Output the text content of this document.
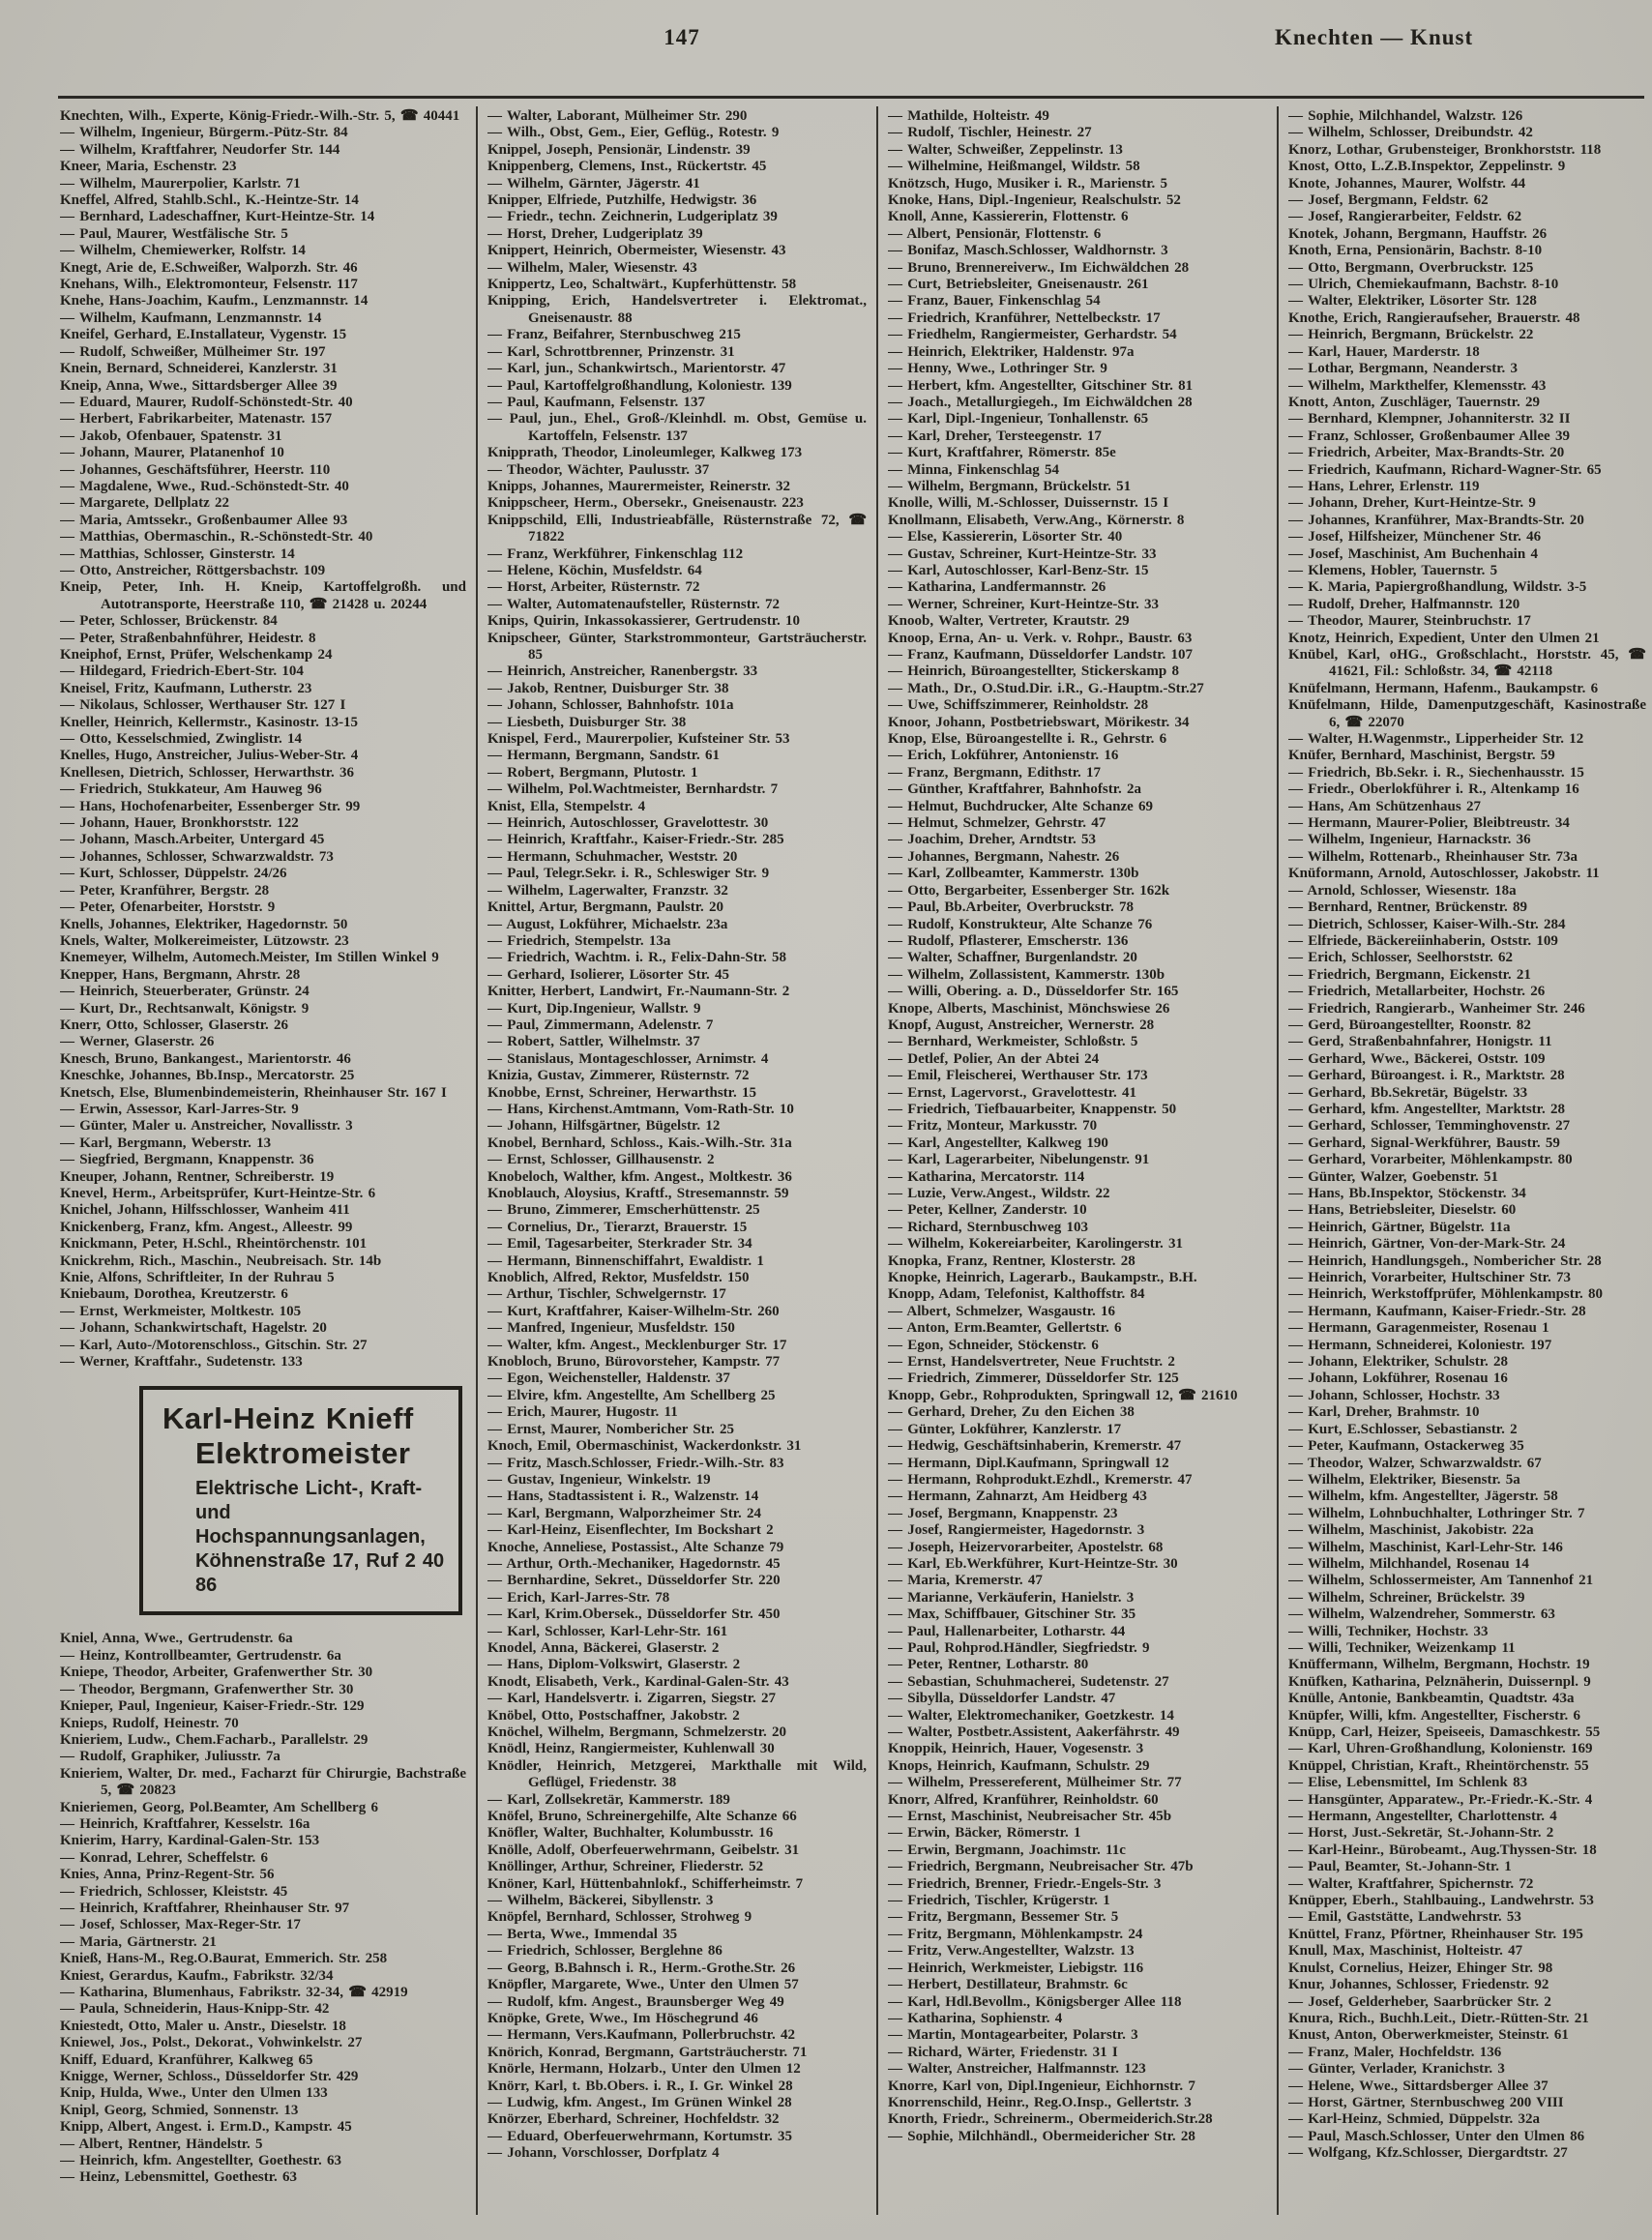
147	Knechten — Knust
Knechten, Wilh., Experte, König-Friedr.-Wilh.-Str. 5, ☎ 40441
— Wilhelm, Ingenieur, Bürgerm.-Pütz-Str. 84
— Wilhelm, Kraftfahrer, Neudorfer Str. 144
Kneer, Maria, Eschenstr. 23
— Wilhelm, Maurerpolier, Karlstr. 71
Kneffel, Alfred, Stahlb.Schl., K.-Heintze-Str. 14
— Bernhard, Ladeschaffner, Kurt-Heintze-Str. 14
— Paul, Maurer, Westfälische Str. 5
— Wilhelm, Chemiewerker, Rolfstr. 14
Knegt, Arie de, E.Schweißer, Walporzh. Str. 46
Knehans, Wilh., Elektromonteur, Felsenstr. 117
Knehe, Hans-Joachim, Kaufm., Lenzmannstr. 14
— Wilhelm, Kaufmann, Lenzmannstr. 14
Kneifel, Gerhard, E.Installateur, Vygenstr. 15
— Rudolf, Schweißer, Mülheimer Str. 197
Knein, Bernard, Schneiderei, Kanzlerstr. 31
Kneip, Anna, Wwe., Sittardsberger Allee 39
— Eduard, Maurer, Rudolf-Schönstedt-Str. 40
— Herbert, Fabrikarbeiter, Matenastr. 157
— Jakob, Ofenbauer, Spatenstr. 31
— Johann, Maurer, Platanenhof 10
— Johannes, Geschäftsführer, Heerstr. 110
— Magdalene, Wwe., Rud.-Schönstedt-Str. 40
— Margarete, Dellplatz 22
— Maria, Amtssekr., Großenbaumer Allee 93
— Matthias, Obermaschin., R.-Schönstedt-Str. 40
— Matthias, Schlosser, Ginsterstr. 14
— Otto, Anstreicher, Röttgersbachstr. 109
Kneip, Peter, Inh. H. Kneip, Kartoffelgroßh. und Autotransporte, Heerstraße 110, ☎ 21428 u. 20244
— Peter, Schlosser, Brückenstr. 84
— Peter, Straßenbahnführer, Heidestr. 8
Kneiphof, Ernst, Prüfer, Welschenkamp 24
— Hildegard, Friedrich-Ebert-Str. 104
Kneisel, Fritz, Kaufmann, Lutherstr. 23
— Nikolaus, Schlosser, Werthauser Str. 127 I
Kneller, Heinrich, Kellermstr., Kasinostr. 13-15
— Otto, Kesselschmied, Zwinglistr. 14
Knelles, Hugo, Anstreicher, Julius-Weber-Str. 4
Knellesen, Dietrich, Schlosser, Herwarthstr. 36
— Friedrich, Stukkateur, Am Hauweg 96
— Hans, Hochofenarbeiter, Essenberger Str. 99
— Johann, Hauer, Bronkhorststr. 122
— Johann, Masch.Arbeiter, Untergard 45
— Johannes, Schlosser, Schwarzwaldstr. 73
— Kurt, Schlosser, Düppelstr. 24/26
— Peter, Kranführer, Bergstr. 28
— Peter, Ofenarbeiter, Horststr. 9
Knells, Johannes, Elektriker, Hagedornstr. 50
Knels, Walter, Molkereimeister, Lützowstr. 23
Knemeyer, Wilhelm, Automech.Meister, Im Stillen Winkel 9
Knepper, Hans, Bergmann, Ahrstr. 28
— Heinrich, Steuerberater, Grünstr. 24
— Kurt, Dr., Rechtsanwalt, Königstr. 9
Knerr, Otto, Schlosser, Glaserstr. 26
— Werner, Glaserstr. 26
Knesch, Bruno, Bankangest., Marientorstr. 46
Kneschke, Johannes, Bb.Insp., Mercatorstr. 25
Knetsch, Else, Blumenbindemeisterin, Rheinhauser Str. 167 I
— Erwin, Assessor, Karl-Jarres-Str. 9
— Günter, Maler u. Anstreicher, Novallisstr. 3
— Karl, Bergmann, Weberstr. 13
— Siegfried, Bergmann, Knappenstr. 36
Kneuper, Johann, Rentner, Schreiberstr. 19
Knevel, Herm., Arbeitsprüfer, Kurt-Heintze-Str. 6
Knichel, Johann, Hilfsschlosser, Wanheim 411
Knickenberg, Franz, kfm. Angest., Alleestr. 99
Knickmann, Peter, H.Schl., Rheintörchenstr. 101
Knickrehm, Rich., Maschin., Neubreisach. Str. 14b
Knie, Alfons, Schriftleiter, In der Ruhrau 5
Kniebaum, Dorothea, Kreutzerstr. 6
— Ernst, Werkmeister, Moltkestr. 105
— Johann, Schankwirtschaft, Hagelstr. 20
— Karl, Auto-/Motorenschloss., Gitschin. Str. 27
— Werner, Kraftfahr., Sudetenstr. 133
Karl-Heinz Knieff
Elektromeister
Elektrische Licht-, Kraft- und
Hochspannungsanlagen,
Köhnenstraße 17, Ruf 2 40 86
Kniel, Anna, Wwe., Gertrudenstr. 6a
— Heinz, Kontrollbeamter, Gertrudenstr. 6a
Kniepe, Theodor, Arbeiter, Grafenwerther Str. 30
— Theodor, Bergmann, Grafenwerther Str. 30
Knieper, Paul, Ingenieur, Kaiser-Friedr.-Str. 129
Knieps, Rudolf, Heinestr. 70
Knieriem, Ludw., Chem.Facharb., Parallelstr. 29
— Rudolf, Graphiker, Juliusstr. 7a
Knieriem, Walter, Dr. med., Facharzt für Chirurgie, Bachstraße 5, ☎ 20823
Knieriemen, Georg, Pol.Beamter, Am Schellberg 6
— Heinrich, Kraftfahrer, Kesselstr. 16a
Knierim, Harry, Kardinal-Galen-Str. 153
— Konrad, Lehrer, Scheffelstr. 6
Knies, Anna, Prinz-Regent-Str. 56
— Friedrich, Schlosser, Kleiststr. 45
— Heinrich, Kraftfahrer, Rheinhauser Str. 97
— Josef, Schlosser, Max-Reger-Str. 17
— Maria, Gärtnerstr. 21
Knieß, Hans-M., Reg.O.Baurat, Emmerich. Str. 258
Kniest, Gerardus, Kaufm., Fabrikstr. 32/34
— Katharina, Blumenhaus, Fabrikstr. 32-34, ☎ 42919
— Paula, Schneiderin, Haus-Knipp-Str. 42
Kniestedt, Otto, Maler u. Anstr., Dieselstr. 18
Kniewel, Jos., Polst., Dekorat., Vohwinkelstr. 27
Kniff, Eduard, Kranführer, Kalkweg 65
Knigge, Werner, Schloss., Düsseldorfer Str. 429
Knip, Hulda, Wwe., Unter den Ulmen 133
Knipl, Georg, Schmied, Sonnenstr. 13
Knipp, Albert, Angest. i. Erm.D., Kampstr. 45
— Albert, Rentner, Händelstr. 5
— Heinrich, kfm. Angestellter, Goethestr. 63
— Heinz, Lebensmittel, Goethestr. 63
— Walter, Laborant, Mülheimer Str. 290
— Wilh., Obst, Gem., Eier, Geflüg., Rotestr. 9
Knippel, Joseph, Pensionär, Lindenstr. 39
Knippenberg, Clemens, Inst., Rückertstr. 45
— Wilhelm, Gärnter, Jägerstr. 41
Knipper, Elfriede, Putzhilfe, Hedwigstr. 36
— Friedr., techn. Zeichnerin, Ludgeriplatz 39
— Horst, Dreher, Ludgeriplatz 39
Knippert, Heinrich, Obermeister, Wiesenstr. 43
— Wilhelm, Maler, Wiesenstr. 43
Knippertz, Leo, Schaltwärt., Kupferhüttenstr. 58
Knipping, Erich, Handelsvertreter i. Elektromat., Gneisenaustr. 88
— Franz, Beifahrer, Sternbuschweg 215
— Karl, Schrottbrenner, Prinzenstr. 31
— Karl, jun., Schankwirtsch., Marientorstr. 47
— Paul, Kartoffelgroßhandlung, Koloniestr. 139
— Paul, Kaufmann, Felsenstr. 137
— Paul, jun., Ehel., Groß-/Kleinhdl. m. Obst, Gemüse u. Kartoffeln, Felsenstr. 137
Knipprath, Theodor, Linoleumleger, Kalkweg 173
— Theodor, Wächter, Paulusstr. 37
Knipps, Johannes, Maurermeister, Reinerstr. 32
Knippscheer, Herm., Obersekr., Gneisenaustr. 223
Knippschild, Elli, Industrieabfälle, Rüsternstraße 72, ☎ 71822
— Franz, Werkführer, Finkenschlag 112
— Helene, Köchin, Musfeldstr. 64
— Horst, Arbeiter, Rüsternstr. 72
— Walter, Automatenaufsteller, Rüsternstr. 72
Knips, Quirin, Inkassokassierer, Gertrudenstr. 10
Knipscheer, Günter, Starkstrommonteur, Gartsträucherstr. 85
— Heinrich, Anstreicher, Ranenbergstr. 33
— Jakob, Rentner, Duisburger Str. 38
— Johann, Schlosser, Bahnhofstr. 101a
— Liesbeth, Duisburger Str. 38
Knispel, Ferd., Maurerpolier, Kufsteiner Str. 53
— Hermann, Bergmann, Sandstr. 61
— Robert, Bergmann, Plutostr. 1
— Wilhelm, Pol.Wachtmeister, Bernhardstr. 7
Knist, Ella, Stempelstr. 4
— Heinrich, Autoschlosser, Gravelottestr. 30
— Heinrich, Kraftfahr., Kaiser-Friedr.-Str. 285
— Hermann, Schuhmacher, Weststr. 20
— Paul, Telegr.Sekr. i. R., Schleswiger Str. 9
— Wilhelm, Lagerwalter, Franzstr. 32
Knittel, Artur, Bergmann, Paulstr. 20
— August, Lokführer, Michaelstr. 23a
— Friedrich, Stempelstr. 13a
— Friedrich, Wachtm. i. R., Felix-Dahn-Str. 58
— Gerhard, Isolierer, Lösorter Str. 45
Knitter, Herbert, Landwirt, Fr.-Naumann-Str. 2
— Kurt, Dip.Ingenieur, Wallstr. 9
— Paul, Zimmermann, Adelenstr. 7
— Robert, Sattler, Wilhelmstr. 37
— Stanislaus, Montageschlosser, Arnimstr. 4
Knizia, Gustav, Zimmerer, Rüsternstr. 72
Knobbe, Ernst, Schreiner, Herwarthstr. 15
— Hans, Kirchenst.Amtmann, Vom-Rath-Str. 10
— Johann, Hilfsgärtner, Bügelstr. 12
Knobel, Bernhard, Schloss., Kais.-Wilh.-Str. 31a
— Ernst, Schlosser, Gillhausenstr. 2
Knobeloch, Walther, kfm. Angest., Moltkestr. 36
Knoblauch, Aloysius, Kraftf., Stresemannstr. 59
— Bruno, Zimmerer, Emscherhüttenstr. 25
— Cornelius, Dr., Tierarzt, Brauerstr. 15
— Emil, Tagesarbeiter, Sterkrader Str. 34
— Hermann, Binnenschiffahrt, Ewaldistr. 1
Knoblich, Alfred, Rektor, Musfeldstr. 150
— Arthur, Tischler, Schwelgernstr. 17
— Kurt, Kraftfahrer, Kaiser-Wilhelm-Str. 260
— Manfred, Ingenieur, Musfeldstr. 150
— Walter, kfm. Angest., Mecklenburger Str. 17
Knobloch, Bruno, Bürovorsteher, Kampstr. 77
— Egon, Weichensteller, Haldenstr. 37
— Elvire, kfm. Angestellte, Am Schellberg 25
— Erich, Maurer, Hugostr. 11
— Ernst, Maurer, Nombericher Str. 25
Knoch, Emil, Obermaschinist, Wackerdonkstr. 31
— Fritz, Masch.Schlosser, Friedr.-Wilh.-Str. 83
— Gustav, Ingenieur, Winkelstr. 19
— Hans, Stadtassistent i. R., Walzenstr. 14
— Karl, Bergmann, Walporzheimer Str. 24
— Karl-Heinz, Eisenflechter, Im Bockshart 2
Knoche, Anneliese, Postassist., Alte Schanze 79
— Arthur, Orth.-Mechaniker, Hagedornstr. 45
— Bernhardine, Sekret., Düsseldorfer Str. 220
— Erich, Karl-Jarres-Str. 78
— Karl, Krim.Obersek., Düsseldorfer Str. 450
— Karl, Schlosser, Karl-Lehr-Str. 161
Knodel, Anna, Bäckerei, Glaserstr. 2
— Hans, Diplom-Volkswirt, Glaserstr. 2
Knodt, Elisabeth, Verk., Kardinal-Galen-Str. 43
— Karl, Handelsvertr. i. Zigarren, Siegstr. 27
Knöbel, Otto, Postschaffner, Jakobstr. 2
Knöchel, Wilhelm, Bergmann, Schmelzerstr. 20
Knödl, Heinz, Rangiermeister, Kuhlenwall 30
Knödler, Heinrich, Metzgerei, Markthalle mit Wild, Geflügel, Friedenstr. 38
— Karl, Zollsekretär, Kammerstr. 189
Knöfel, Bruno, Schreinergehilfe, Alte Schanze 66
Knöfler, Walter, Buchhalter, Kolumbusstr. 16
Knölle, Adolf, Oberfeuerwehrmann, Geibelstr. 31
Knöllinger, Arthur, Schreiner, Fliederstr. 52
Knöner, Karl, Hüttenbahnlokf., Schifferheimstr. 7
— Wilhelm, Bäckerei, Sibyllenstr. 3
Knöpfel, Bernhard, Schlosser, Strohweg 9
— Berta, Wwe., Immendal 35
— Friedrich, Schlosser, Berglehne 86
— Georg, B.Bahnsch i. R., Herm.-Grothe.Str. 26
Knöpfler, Margarete, Wwe., Unter den Ulmen 57
— Rudolf, kfm. Angest., Braunsberger Weg 49
Knöpke, Grete, Wwe., Im Höschegrund 46
— Hermann, Vers.Kaufmann, Pollerbruchstr. 42
Knörich, Konrad, Bergmann, Gartsträucherstr. 71
Knörle, Hermann, Holzarb., Unter den Ulmen 12
Knörr, Karl, t. Bb.Obers. i. R., I. Gr. Winkel 28
— Ludwig, kfm. Angest., Im Grünen Winkel 28
Knörzer, Eberhard, Schreiner, Hochfeldstr. 32
— Eduard, Oberfeuerwehrmann, Kortumstr. 35
— Johann, Vorschlosser, Dorfplatz 4
— Mathilde, Holteistr. 49
— Rudolf, Tischler, Heinestr. 27
— Walter, Schweißer, Zeppelinstr. 13
— Wilhelmine, Heißmangel, Wildstr. 58
Knötzsch, Hugo, Musiker i. R., Marienstr. 5
Knoke, Hans, Dipl.-Ingenieur, Realschulstr. 52
Knoll, Anne, Kassiererin, Flottenstr. 6
— Albert, Pensionär, Flottenstr. 6
— Bonifaz, Masch.Schlosser, Waldhornstr. 3
— Bruno, Brennereiverw., Im Eichwäldchen 28
— Curt, Betriebsleiter, Gneisenaustr. 261
— Franz, Bauer, Finkenschlag 54
— Friedrich, Kranführer, Nettelbeckstr. 17
— Friedhelm, Rangiermeister, Gerhardstr. 54
— Heinrich, Elektriker, Haldenstr. 97a
— Henny, Wwe., Lothringer Str. 9
— Herbert, kfm. Angestellter, Gitschiner Str. 81
— Joach., Metallurgiegeh., Im Eichwäldchen 28
— Karl, Dipl.-Ingenieur, Tonhallenstr. 65
— Karl, Dreher, Tersteegenstr. 17
— Kurt, Kraftfahrer, Römerstr. 85e
— Minna, Finkenschlag 54
— Wilhelm, Bergmann, Brückelstr. 51
Knolle, Willi, M.-Schlosser, Duissernstr. 15 I
Knollmann, Elisabeth, Verw.Ang., Körnerstr. 8
— Else, Kassiererin, Lösorter Str. 40
— Gustav, Schreiner, Kurt-Heintze-Str. 33
— Karl, Autoschlosser, Karl-Benz-Str. 15
— Katharina, Landfermannstr. 26
— Werner, Schreiner, Kurt-Heintze-Str. 33
Knoob, Walter, Vertreter, Krautstr. 29
Knoop, Erna, An- u. Verk. v. Rohpr., Baustr. 63
— Franz, Kaufmann, Düsseldorfer Landstr. 107
— Heinrich, Büroangestellter, Stickerskamp 8
— Math., Dr., O.Stud.Dir. i.R., G.-Hauptm.-Str.27
— Uwe, Schiffszimmerer, Reinholdstr. 28
Knoor, Johann, Postbetriebswart, Mörikestr. 34
Knop, Else, Büroangestellte i. R., Gehrstr. 6
— Erich, Lokführer, Antonienstr. 16
— Franz, Bergmann, Edithstr. 17
— Günther, Kraftfahrer, Bahnhofstr. 2a
— Helmut, Buchdrucker, Alte Schanze 69
— Helmut, Schmelzer, Gehrstr. 47
— Joachim, Dreher, Arndtstr. 53
— Johannes, Bergmann, Nahestr. 26
— Karl, Zollbeamter, Kammerstr. 130b
— Otto, Bergarbeiter, Essenberger Str. 162k
— Paul, Bb.Arbeiter, Overbruckstr. 78
— Rudolf, Konstrukteur, Alte Schanze 76
— Rudolf, Pflasterer, Emscherstr. 136
— Walter, Schaffner, Burgenlandstr. 20
— Wilhelm, Zollassistent, Kammerstr. 130b
— Willi, Obering. a. D., Düsseldorfer Str. 165
Knope, Alberts, Maschinist, Mönchswiese 26
Knopf, August, Anstreicher, Wernerstr. 28
— Bernhard, Werkmeister, Schloßstr. 5
— Detlef, Polier, An der Abtei 24
— Emil, Fleischerei, Werthauser Str. 173
— Ernst, Lagervorst., Gravelottestr. 41
— Friedrich, Tiefbauarbeiter, Knappenstr. 50
— Fritz, Monteur, Markusstr. 70
— Karl, Angestellter, Kalkweg 190
— Karl, Lagerarbeiter, Nibelungenstr. 91
— Katharina, Mercatorstr. 114
— Luzie, Verw.Angest., Wildstr. 22
— Peter, Kellner, Zanderstr. 10
— Richard, Sternbuschweg 103
— Wilhelm, Kokereiarbeiter, Karolingerstr. 31
Knopka, Franz, Rentner, Klosterstr. 28
Knopke, Heinrich, Lagerarb., Baukampstr., B.H.
Knopp, Adam, Telefonist, Kalthoffstr. 84
— Albert, Schmelzer, Wasgaustr. 16
— Anton, Erm.Beamter, Gellertstr. 6
— Egon, Schneider, Stöckenstr. 6
— Ernst, Handelsvertreter, Neue Fruchtstr. 2
— Friedrich, Zimmerer, Düsseldorfer Str. 125
Knopp, Gebr., Rohprodukten, Springwall 12, ☎ 21610
— Gerhard, Dreher, Zu den Eichen 38
— Günter, Lokführer, Kanzlerstr. 17
— Hedwig, Geschäftsinhaberin, Kremerstr. 47
— Hermann, Dipl.Kaufmann, Springwall 12
— Hermann, Rohprodukt.Ezhdl., Kremerstr. 47
— Hermann, Zahnarzt, Am Heidberg 43
— Josef, Bergmann, Knappenstr. 23
— Josef, Rangiermeister, Hagedornstr. 3
— Joseph, Heizervorarbeiter, Apostelstr. 68
— Karl, Eb.Werkführer, Kurt-Heintze-Str. 30
— Maria, Kremerstr. 47
— Marianne, Verkäuferin, Hanielstr. 3
— Max, Schiffbauer, Gitschiner Str. 35
— Paul, Hallenarbeiter, Lotharstr. 44
— Paul, Rohprod.Händler, Siegfriedstr. 9
— Peter, Rentner, Lotharstr. 80
— Sebastian, Schuhmacherei, Sudetenstr. 27
— Sibylla, Düsseldorfer Landstr. 47
— Walter, Elektromechaniker, Goetzkestr. 14
— Walter, Postbetr.Assistent, Aakerfährstr. 49
Knoppik, Heinrich, Hauer, Vogesenstr. 3
Knops, Heinrich, Kaufmann, Schulstr. 29
— Wilhelm, Pressereferent, Mülheimer Str. 77
Knorr, Alfred, Kranführer, Reinholdstr. 60
— Ernst, Maschinist, Neubreisacher Str. 45b
— Erwin, Bäcker, Römerstr. 1
— Erwin, Bergmann, Joachimstr. 11c
— Friedrich, Bergmann, Neubreisacher Str. 47b
— Friedrich, Brenner, Friedr.-Engels-Str. 3
— Friedrich, Tischler, Krügerstr. 1
— Fritz, Bergmann, Bessemer Str. 5
— Fritz, Bergmann, Möhlenkampstr. 24
— Fritz, Verw.Angestellter, Walzstr. 13
— Heinrich, Werkmeister, Liebigstr. 116
— Herbert, Destillateur, Brahmstr. 6c
— Karl, Hdl.Bevollm., Königsberger Allee 118
— Katharina, Sophienstr. 4
— Martin, Montagearbeiter, Polarstr. 3
— Richard, Wärter, Friedenstr. 31 I
— Walter, Anstreicher, Halfmannstr. 123
Knorre, Karl von, Dipl.Ingenieur, Eichhornstr. 7
Knorrenschild, Heinr., Reg.O.Insp., Gellertstr. 3
Knorth, Friedr., Schreinerm., Obermeiderich.Str.28
— Sophie, Milchhändl., Obermeidericher Str. 28
— Sophie, Milchhandel, Walzstr. 126
— Wilhelm, Schlosser, Dreibundstr. 42
Knorz, Lothar, Grubensteiger, Bronkhorststr. 118
Knost, Otto, L.Z.B.Inspektor, Zeppelinstr. 9
Knote, Johannes, Maurer, Wolfstr. 44
— Josef, Bergmann, Feldstr. 62
— Josef, Rangierarbeiter, Feldstr. 62
Knotek, Johann, Bergmann, Hauffstr. 26
Knoth, Erna, Pensionärin, Bachstr. 8-10
— Otto, Bergmann, Overbruckstr. 125
— Ulrich, Chemiekaufmann, Bachstr. 8-10
— Walter, Elektriker, Lösorter Str. 128
Knothe, Erich, Rangieraufseher, Brauerstr. 48
— Heinrich, Bergmann, Brückelstr. 22
— Karl, Hauer, Marderstr. 18
— Lothar, Bergmann, Neanderstr. 3
— Wilhelm, Markthelfer, Klemensstr. 43
Knott, Anton, Zuschläger, Tauernstr. 29
— Bernhard, Klempner, Johanniterstr. 32 II
— Franz, Schlosser, Großenbaumer Allee 39
— Friedrich, Arbeiter, Max-Brandts-Str. 20
— Friedrich, Kaufmann, Richard-Wagner-Str. 65
— Hans, Lehrer, Erlenstr. 119
— Johann, Dreher, Kurt-Heintze-Str. 9
— Johannes, Kranführer, Max-Brandts-Str. 20
— Josef, Hilfsheizer, Münchener Str. 46
— Josef, Maschinist, Am Buchenhain 4
— Klemens, Hobler, Tauernstr. 5
— K. Maria, Papiergroßhandlung, Wildstr. 3-5
— Rudolf, Dreher, Halfmannstr. 120
— Theodor, Maurer, Steinbruchstr. 17
Knotz, Heinrich, Expedient, Unter den Ulmen 21
Knübel, Karl, oHG., Großschlacht., Horststr. 45, ☎ 41621, Fil.: Schloßstr. 34, ☎ 42118
Knüfelmann, Hermann, Hafenm., Baukampstr. 6
Knüfelmann, Hilde, Damenputzgeschäft, Kasinostraße 6, ☎ 22070
— Walter, H.Wagenmstr., Lipperheider Str. 12
Knüfer, Bernhard, Maschinist, Bergstr. 59
— Friedrich, Bb.Sekr. i. R., Siechenhausstr. 15
— Friedr., Oberlokführer i. R., Altenkamp 16
— Hans, Am Schützenhaus 27
— Hermann, Maurer-Polier, Bleibtreustr. 34
— Wilhelm, Ingenieur, Harnackstr. 36
— Wilhelm, Rottenarb., Rheinhauser Str. 73a
Knüformann, Arnold, Autoschlosser, Jakobstr. 11
— Arnold, Schlosser, Wiesenstr. 18a
— Bernhard, Rentner, Brückenstr. 89
— Dietrich, Schlosser, Kaiser-Wilh.-Str. 284
— Elfriede, Bäckereiinhaberin, Oststr. 109
— Erich, Schlosser, Seelhorststr. 62
— Friedrich, Bergmann, Eickenstr. 21
— Friedrich, Metallarbeiter, Hochstr. 26
— Friedrich, Rangierarb., Wanheimer Str. 246
— Gerd, Büroangestellter, Roonstr. 82
— Gerd, Straßenbahnfahrer, Honigstr. 11
— Gerhard, Wwe., Bäckerei, Oststr. 109
— Gerhard, Büroangest. i. R., Marktstr. 28
— Gerhard, Bb.Sekretär, Bügelstr. 33
— Gerhard, kfm. Angestellter, Marktstr. 28
— Gerhard, Schlosser, Temminghovenstr. 27
— Gerhard, Signal-Werkführer, Baustr. 59
— Gerhard, Vorarbeiter, Möhlenkampstr. 80
— Günter, Walzer, Goebenstr. 51
— Hans, Bb.Inspektor, Stöckenstr. 34
— Hans, Betriebsleiter, Dieselstr. 60
— Heinrich, Gärtner, Bügelstr. 11a
— Heinrich, Gärtner, Von-der-Mark-Str. 24
— Heinrich, Handlungsgeh., Nombericher Str. 28
— Heinrich, Vorarbeiter, Hultschiner Str. 73
— Heinrich, Werkstoffprüfer, Möhlenkampstr. 80
— Hermann, Kaufmann, Kaiser-Friedr.-Str. 28
— Hermann, Garagenmeister, Rosenau 1
— Hermann, Schneiderei, Koloniestr. 197
— Johann, Elektriker, Schulstr. 28
— Johann, Lokführer, Rosenau 16
— Johann, Schlosser, Hochstr. 33
— Karl, Dreher, Brahmstr. 10
— Kurt, E.Schlosser, Sebastianstr. 2
— Peter, Kaufmann, Ostackerweg 35
— Theodor, Walzer, Schwarzwaldstr. 67
— Wilhelm, Elektriker, Biesenstr. 5a
— Wilhelm, kfm. Angestellter, Jägerstr. 58
— Wilhelm, Lohnbuchhalter, Lothringer Str. 7
— Wilhelm, Maschinist, Jakobistr. 22a
— Wilhelm, Maschinist, Karl-Lehr-Str. 146
— Wilhelm, Milchhandel, Rosenau 14
— Wilhelm, Schlossermeister, Am Tannenhof 21
— Wilhelm, Schreiner, Brückelstr. 39
— Wilhelm, Walzendreher, Sommerstr. 63
— Willi, Techniker, Hochstr. 33
— Willi, Techniker, Weizenkamp 11
Knüffermann, Wilhelm, Bergmann, Hochstr. 19
Knüfken, Katharina, Pelznäherin, Duissernpl. 9
Knülle, Antonie, Bankbeamtin, Quadtstr. 43a
Knüpfer, Willi, kfm. Angestellter, Fischerstr. 6
Knüpp, Carl, Heizer, Speiseeis, Damaschkestr. 55
— Karl, Uhren-Großhandlung, Kolonienstr. 169
Knüppel, Christian, Kraft., Rheintörchenstr. 55
— Elise, Lebensmittel, Im Schlenk 83
— Hansgünter, Apparatew., Pr.-Friedr.-K.-Str. 4
— Hermann, Angestellter, Charlottenstr. 4
— Horst, Just.-Sekretär, St.-Johann-Str. 2
— Karl-Heinr., Bürobeamt., Aug.Thyssen-Str. 18
— Paul, Beamter, St.-Johann-Str. 1
— Walter, Kraftfahrer, Spichernstr. 72
Knüpper, Eberh., Stahlbauing., Landwehrstr. 53
— Emil, Gaststätte, Landwehrstr. 53
Knüttel, Franz, Pförtner, Rheinhauser Str. 195
Knull, Max, Maschinist, Holteistr. 47
Knulst, Cornelius, Heizer, Ehinger Str. 98
Knur, Johannes, Schlosser, Friedenstr. 92
— Josef, Gelderheber, Saarbrücker Str. 2
Knura, Rich., Buchh.Leit., Dietr.-Rütten-Str. 21
Knust, Anton, Oberwerkmeister, Steinstr. 61
— Franz, Maler, Hochfeldstr. 136
— Günter, Verlader, Kranichstr. 3
— Helene, Wwe., Sittardsberger Allee 37
— Horst, Gärtner, Sternbuschweg 200 VIII
— Karl-Heinz, Schmied, Düppelstr. 32a
— Paul, Masch.Schlosser, Unter den Ulmen 86
— Wolfgang, Kfz.Schlosser, Diergardtstr. 27
